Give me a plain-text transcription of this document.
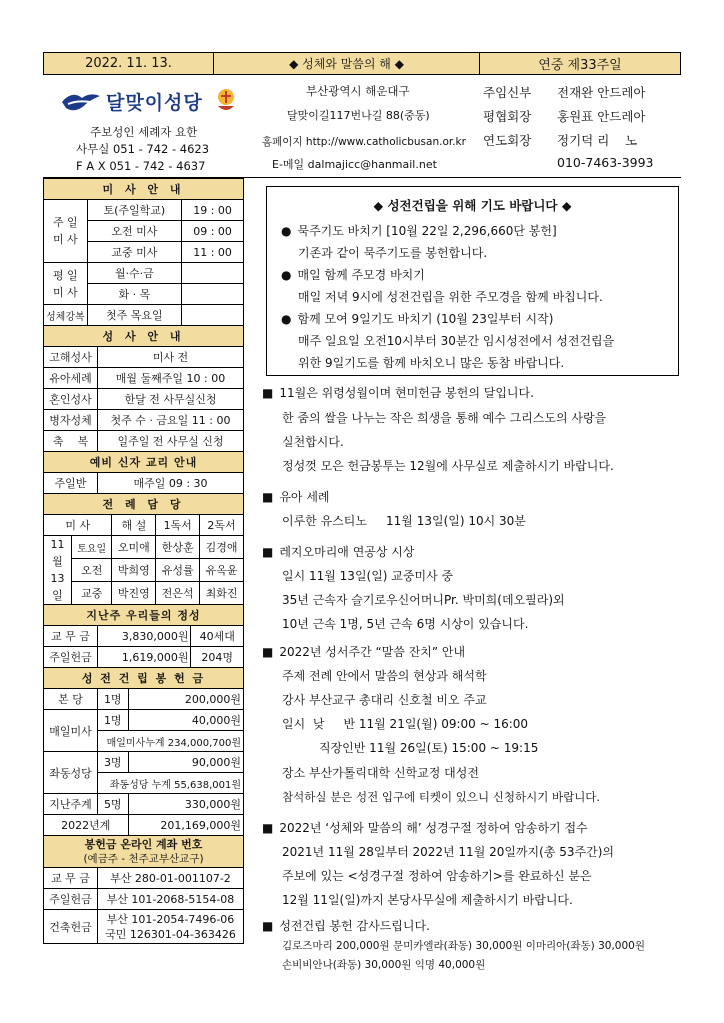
2022. 11. 13.	◆ 성체와 말씀의 해 ◆	연중 제33주일
달맞이성당
주보성인 세례자 요한
사무실 051 - 742 - 4623
F A X 051 - 742 - 4637
부산광역시 해운대구
달맞이길117번나길 88(중동)
홈페이지 http://www.catholicbusan.or.kr
E-메일 dalmajicc@hanmail.net
주임신부 전재완 안드레아
평협회장 홍원표 안드레아
연도회장 정기덕 리    노
010-7463-3993
미 사 안 내		
주 일
미 사	토(주일학교)	19 : 00
	오전 미사	09 : 00
	교중 미사	11 : 00
평 일
미 사	월·수·금	
	화 · 목	
성체강복	첫주 목요일	
성 사 안 내	
고해성사	미사 전
유아세례	매월 둘째주일 10 : 00
혼인성사	한달 전 사무실신청
병자성체	첫주 수 · 금요일 11 : 00
축    복	일주일 전 사무실 신청
예비 신자 교리 안내	
주일반	매주일 09 : 30
전 례 담 당				
미 사		해 설	1독서	2독서
11월
13일	토요일	오미애	한상훈	김경애
	오전	박희영	유성률	유옥윤
	교중	박진영	전은석	최화진
지난주 우리들의 정성		
교 무 금	3,830,000원	40세대
주일헌금	1,619,000원	204명
성 전 건 립 봉 헌 금		
본 당	1명	200,000원
매일미사	1명	40,000원
	매일미사누계 234,000,700원	
좌동성당	3명	90,000원
	좌동성당 누계 55,638,001원	
지난주계	5명	330,000원
2022년계		201,169,000원
봉헌금 온라인 계좌 번호
(예금주 - 천주교부산교구)	

교 무 금	부산 280-01-001107-2
주일헌금	부산 101-2068-5154-08
건축헌금	부산 101-2054-7496-06
국민 126301-04-363426
◆ 성전건립을 위해 기도 바랍니다 ◆
● 묵주기도 바치기 [10월 22일 2,296,660단 봉헌]
기존과 같이 묵주기도를 봉헌합니다.
● 매일 함께 주모경 바치기
매일 저녁 9시에 성전건립을 위한 주모경을 함께 바칩니다.
● 함께 모여 9일기도 바치기 (10월 23일부터 시작)
매주 일요일 오전10시부터 30분간 임시성전에서 성전건립을
위한 9일기도를 함께 바치오니 많은 동참 바랍니다.
■ 11월은 위령성월이며 현미헌금 봉헌의 달입니다.
한 줌의 쌀을 나누는 작은 희생을 통해 예수 그리스도의 사랑을
실천합시다.
정성껏 모은 헌금봉투는 12월에 사무실로 제출하시기 바랍니다.
■ 유아 세례
이루한 유스티노     11월 13일(일) 10시 30분
■ 레지오마리애 연공상 시상
일시 11월 13일(일) 교중미사 중
35년 근속자 슬기로우신어머니Pr. 박미희(데오필라)외
10년 근속 1명, 5년 근속 6명 시상이 있습니다.
■ 2022년 성서주간 “말씀 잔치” 안내
주제 전례 안에서 말씀의 현상과 해석학
강사 부산교구 총대리 신호철 비오 주교
일시  낮     반 11월 21일(월) 09:00 ~ 16:00
직장인반 11월 26일(토) 15:00 ~ 19:15
장소 부산가톨릭대학 신학교정 대성전
참석하실 분은 성전 입구에 티켓이 있으니 신청하시기 바랍니다.
■ 2022년 ‘성체와 말씀의 해’ 성경구절 정하여 암송하기 접수
2021년 11월 28일부터 2022년 11월 20일까지(총 53주간)의
주보에 있는 <성경구절 정하여 암송하기>를 완료하신 분은
12월 11일(일)까지 본당사무실에 제출하시기 바랍니다.
■ 성전건립 봉헌 감사드립니다.
김로즈마리 200,000원 문미카엘라(좌동) 30,000원 이마리아(좌동) 30,000원
손비비안나(좌동) 30,000원 익명 40,000원
